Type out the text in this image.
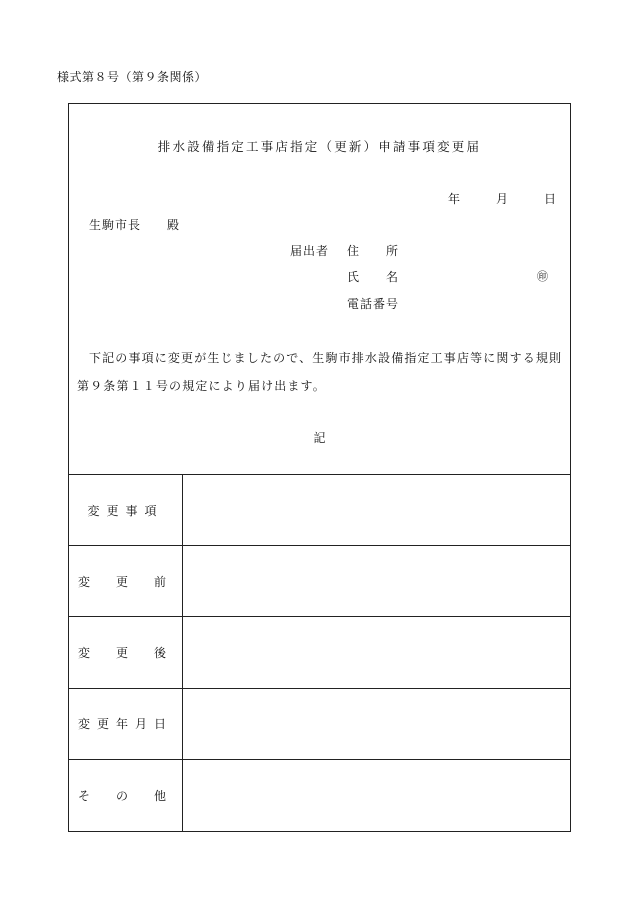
様式第８号（第９条関係）
排水設備指定工事店指定（更新）申請事項変更届
年	月	日
生駒市長 殿
届出者 住　　所
氏　　名	㊞
電話番号
下記の事項に変更が生じましたので、生駒市排水設備指定工事店等に関する規則第９条第１１号の規定により届け出ます。
記
変更事項
変　更　前
変　更　後
変更年月日
そ　の　他
